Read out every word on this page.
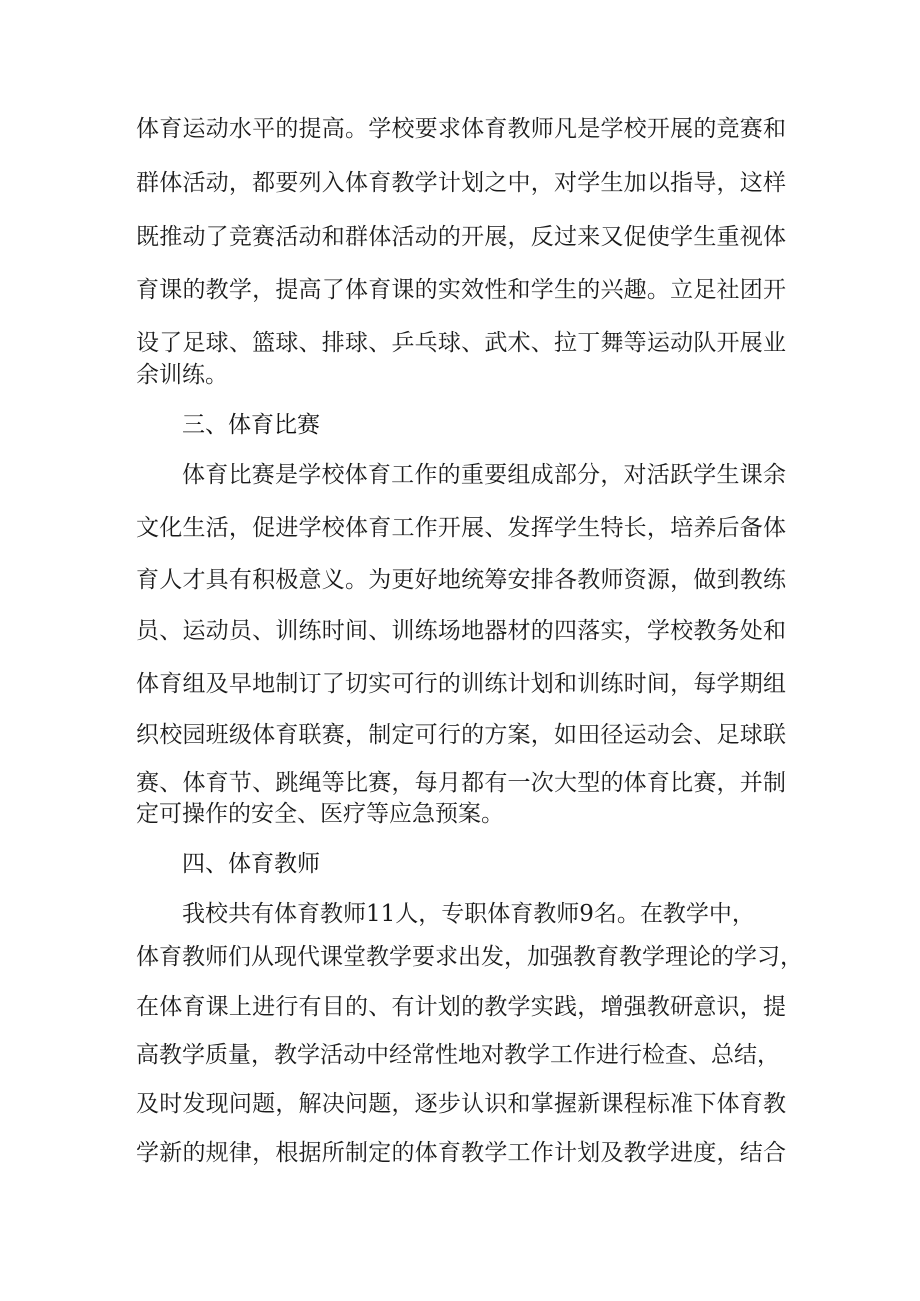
体育运动水平的提高。学校要求体育教师凡是学校开展的竞赛和
群体活动，都要列入体育教学计划之中，对学生加以指导，这样
既推动了竞赛活动和群体活动的开展，反过来又促使学生重视体
育课的教学，提高了体育课的实效性和学生的兴趣。立足社团开
设了足球、篮球、排球、乒乓球、武术、拉丁舞等运动队开展业
余训练。
三、体育比赛
体育比赛是学校体育工作的重要组成部分，对活跃学生课余
文化生活，促进学校体育工作开展、发挥学生特长，培养后备体
育人才具有积极意义。为更好地统筹安排各教师资源，做到教练
员、运动员、训练时间、训练场地器材的四落实，学校教务处和
体育组及早地制订了切实可行的训练计划和训练时间，每学期组
织校园班级体育联赛，制定可行的方案，如田径运动会、足球联
赛、体育节、跳绳等比赛，每月都有一次大型的体育比赛，并制
定可操作的安全、医疗等应急预案。
四、体育教师
我校共有体育教师11人，专职体育教师9名。在教学中，
体育教师们从现代课堂教学要求出发，加强教育教学理论的学习，
在体育课上进行有目的、有计划的教学实践，增强教研意识，提
高教学质量，教学活动中经常性地对教学工作进行检查、总结，
及时发现问题，解决问题，逐步认识和掌握新课程标准下体育教
学新的规律，根据所制定的体育教学工作计划及教学进度，结合
